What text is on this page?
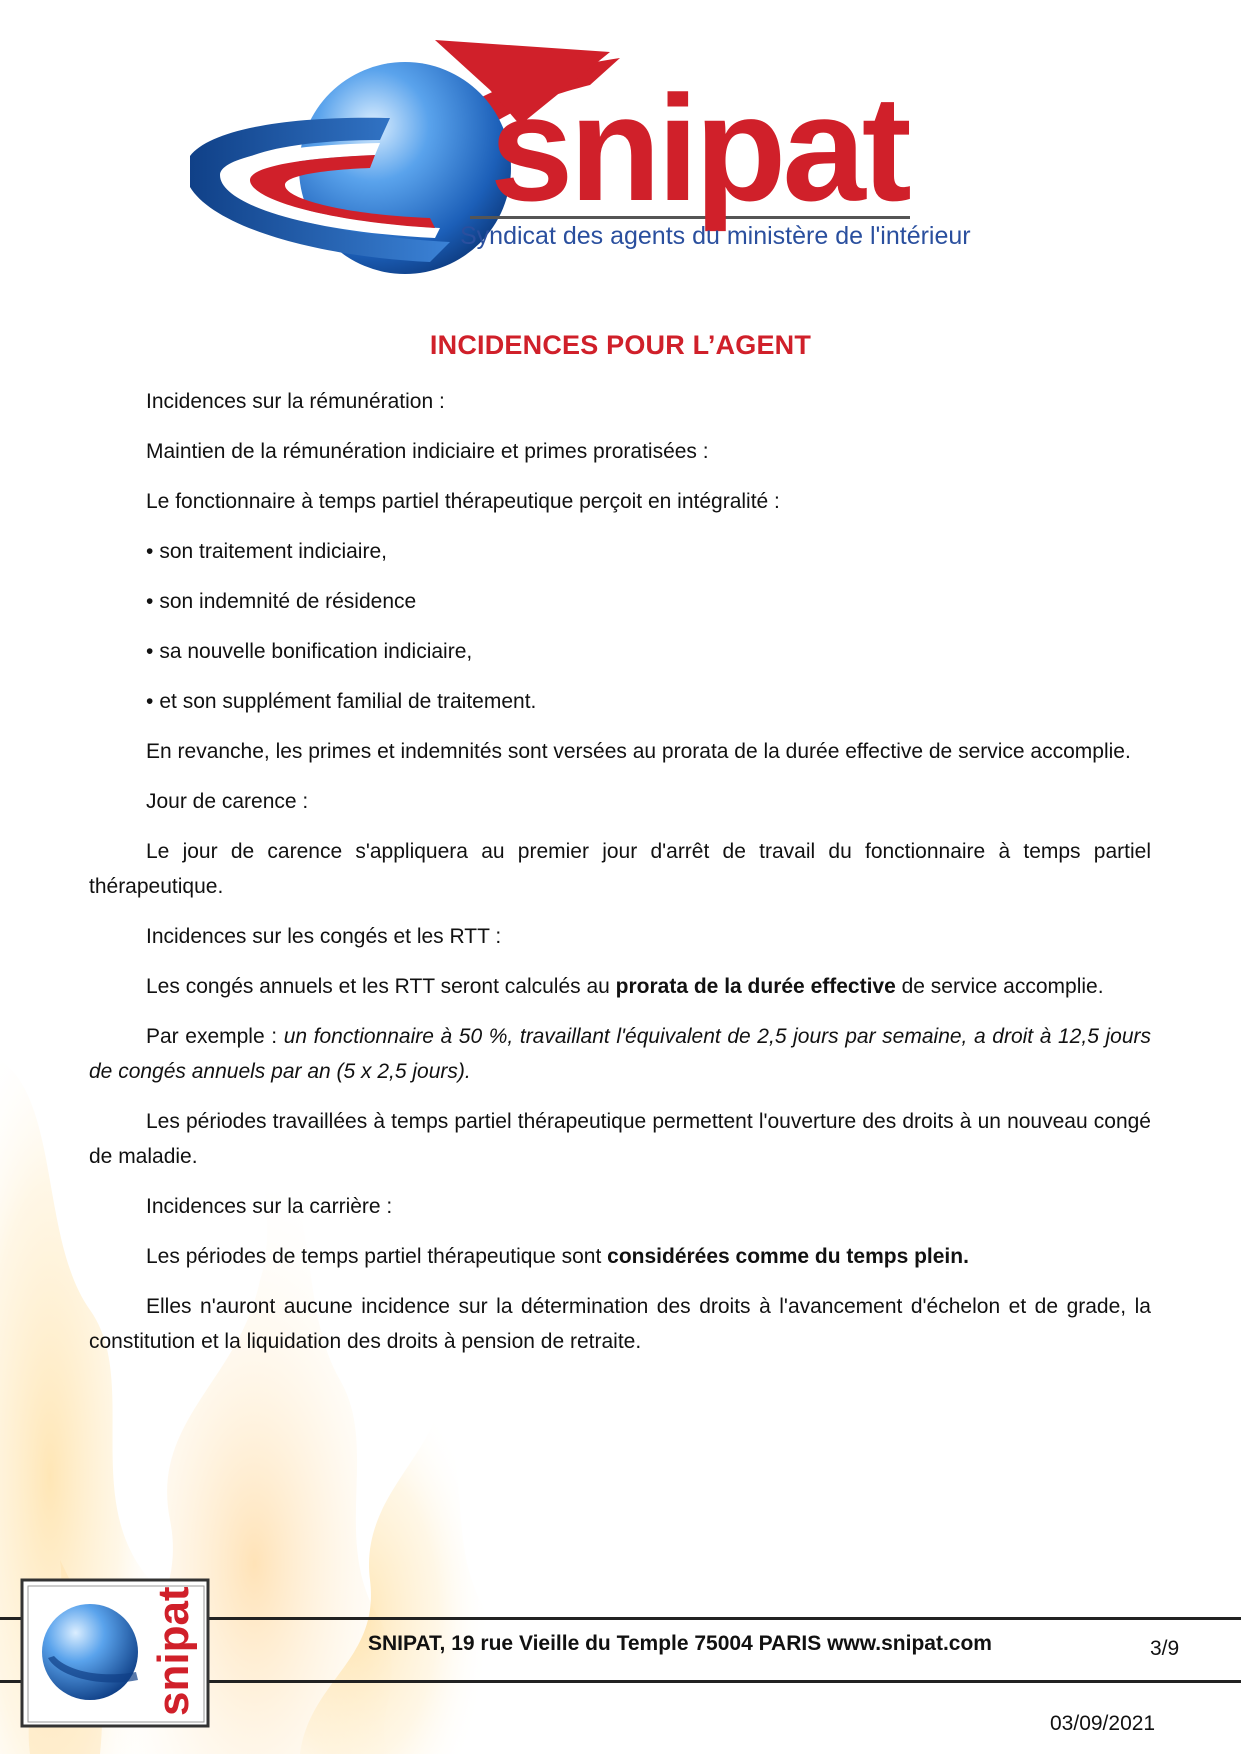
snipat
Syndicat des agents du ministère de l'intérieur
INCIDENCES POUR L’AGENT

Incidences sur la rémunération :

Maintien de la rémunération indiciaire et primes proratisées :

Le fonctionnaire à temps partiel thérapeutique perçoit en intégralité :

• son traitement indiciaire,

• son indemnité de résidence

• sa nouvelle bonification indiciaire,

• et son supplément familial de traitement.

En revanche, les primes et indemnités sont versées au prorata de la durée effective de service accomplie.

Jour de carence :

Le jour de carence s'appliquera au premier jour d'arrêt de travail du fonctionnaire à temps partiel thérapeutique.

Incidences sur les congés et les RTT :

Les congés annuels et les RTT seront calculés au prorata de la durée effective de service accomplie.

Par exemple : un fonctionnaire à 50 %, travaillant l'équivalent de 2,5 jours par semaine, a droit à 12,5 jours de congés annuels par an (5 x 2,5 jours).

Les périodes travaillées à temps partiel thérapeutique permettent l'ouverture des droits à un nouveau congé de maladie.

Incidences sur la carrière :

Les périodes de temps partiel thérapeutique sont considérées comme du temps plein.

Elles n'auront aucune incidence sur la détermination des droits à l'avancement d'échelon et de grade, la constitution et la liquidation des droits à pension de retraite.

SNIPAT, 19 rue Vieille du Temple 75004 PARIS www.snipat.com	3/9
03/09/2021
snipat
